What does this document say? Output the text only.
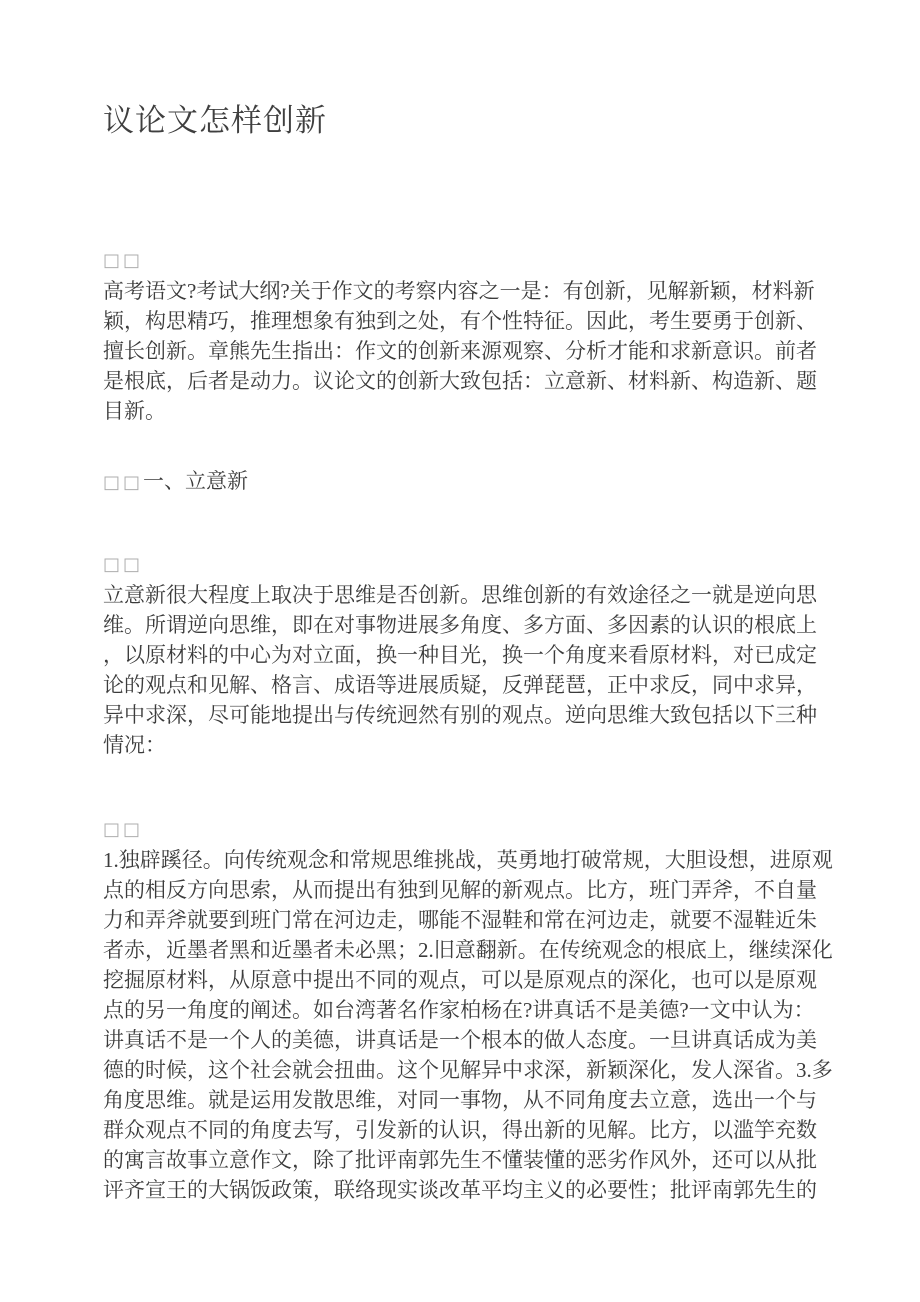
议论文怎样创新
□□
高考语文?考试大纲?关于作文的考察内容之一是：有创新，见解新颖，材料新
颖，构思精巧，推理想象有独到之处，有个性特征。因此，考生要勇于创新、
擅长创新。章熊先生指出：作文的创新来源观察、分析才能和求新意识。前者
是根底，后者是动力。议论文的创新大致包括：立意新、材料新、构造新、题
目新。
□□一、立意新
□□
立意新很大程度上取决于思维是否创新。思维创新的有效途径之一就是逆向思
维。所谓逆向思维，即在对事物进展多角度、多方面、多因素的认识的根底上
，以原材料的中心为对立面，换一种目光，换一个角度来看原材料，对已成定
论的观点和见解、格言、成语等进展质疑，反弹琵琶，正中求反，同中求异，
异中求深，尽可能地提出与传统迥然有别的观点。逆向思维大致包括以下三种
情况：
□□
1.独辟蹊径。向传统观念和常规思维挑战，英勇地打破常规，大胆设想，进原观
点的相反方向思索，从而提出有独到见解的新观点。比方，班门弄斧，不自量
力和弄斧就要到班门常在河边走，哪能不湿鞋和常在河边走，就要不湿鞋近朱
者赤，近墨者黑和近墨者未必黑；2.旧意翻新。在传统观念的根底上，继续深化
挖掘原材料，从原意中提出不同的观点，可以是原观点的深化，也可以是原观
点的另一角度的阐述。如台湾著名作家柏杨在?讲真话不是美德?一文中认为：
讲真话不是一个人的美德，讲真话是一个根本的做人态度。一旦讲真话成为美
德的时候，这个社会就会扭曲。这个见解异中求深，新颖深化，发人深省。3.多
角度思维。就是运用发散思维，对同一事物，从不同角度去立意，选出一个与
群众观点不同的角度去写，引发新的认识，得出新的见解。比方，以滥竽充数
的寓言故事立意作文，除了批评南郭先生不懂装懂的恶劣作风外，还可以从批
评齐宣王的大锅饭政策，联络现实谈改革平均主义的必要性；批评南郭先生的
